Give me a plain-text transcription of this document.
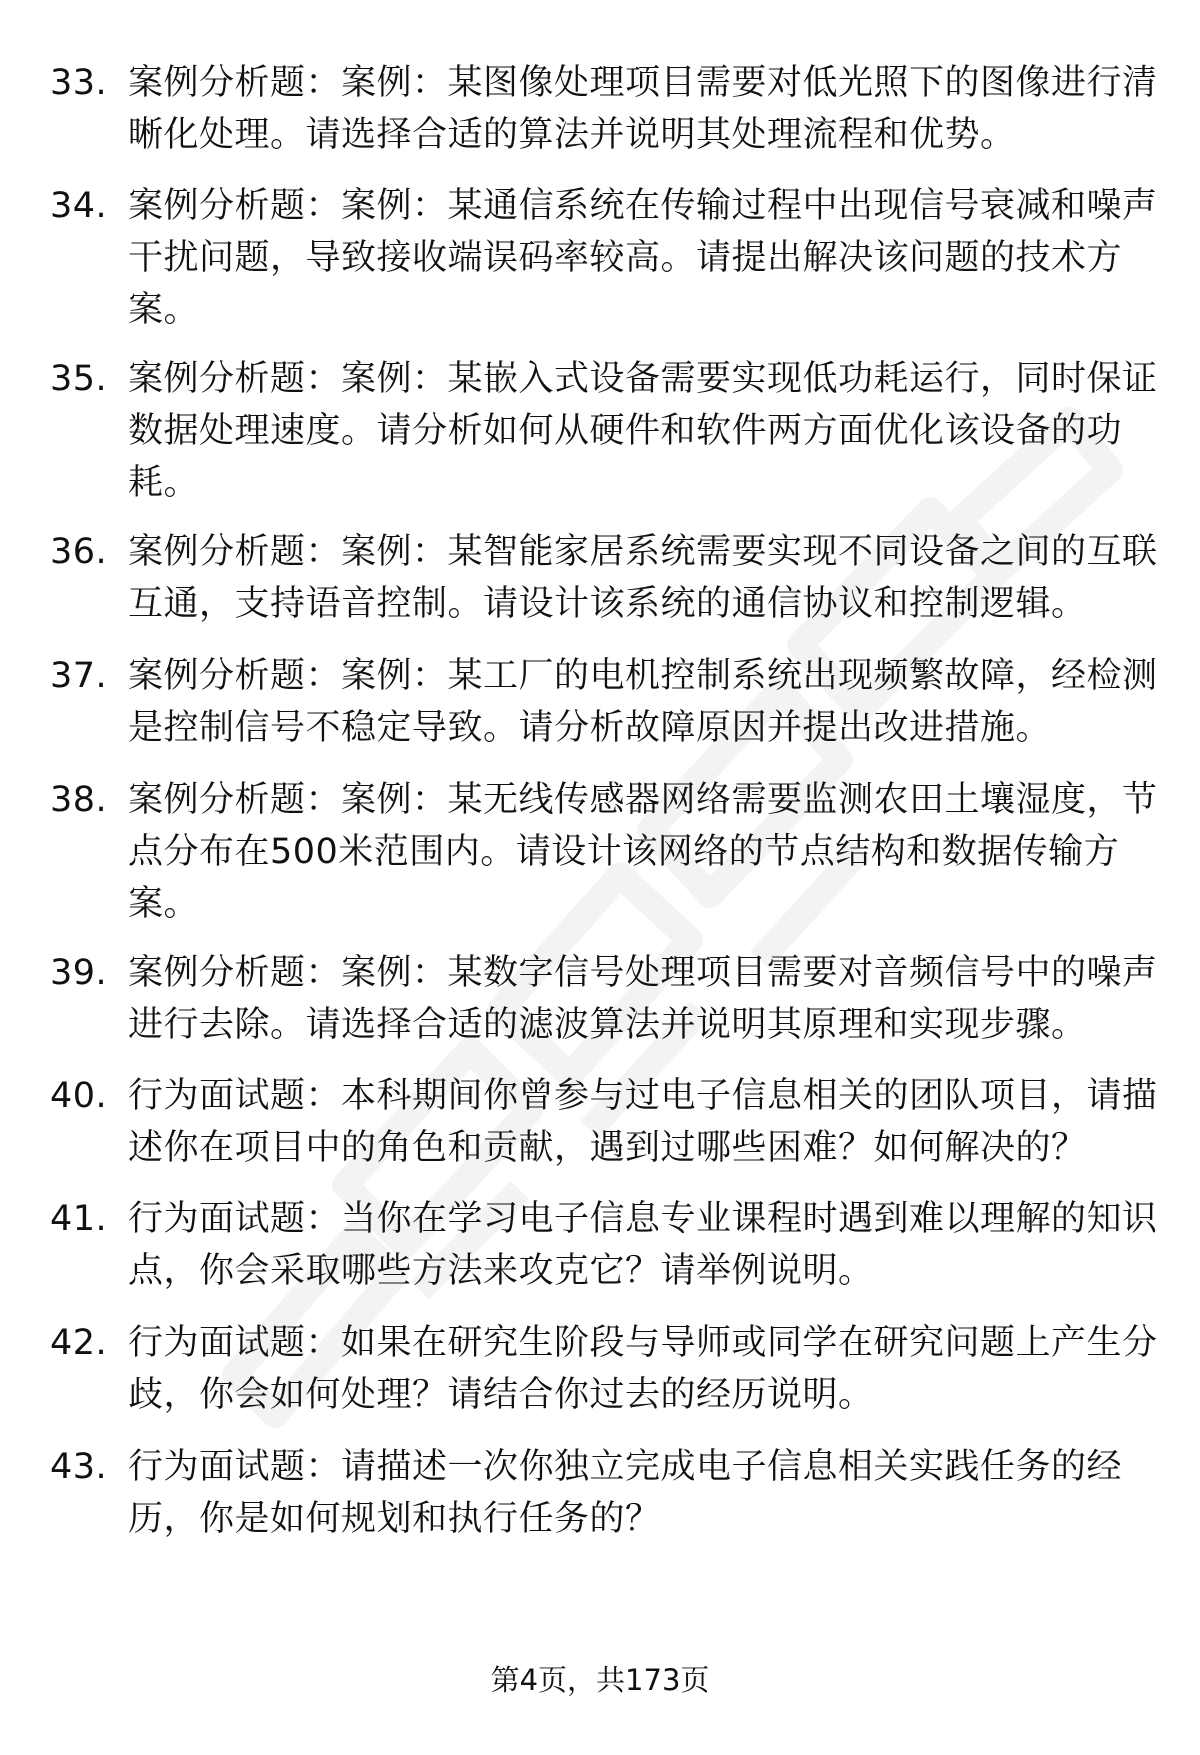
33. 案例分析题：案例：某图像处理项目需要对低光照下的图像进行清晰化处理。请选择合适的算法并说明其处理流程和优势。
34. 案例分析题：案例：某通信系统在传输过程中出现信号衰减和噪声干扰问题，导致接收端误码率较高。请提出解决该问题的技术方案。
35. 案例分析题：案例：某嵌入式设备需要实现低功耗运行，同时保证数据处理速度。请分析如何从硬件和软件两方面优化该设备的功耗。
36. 案例分析题：案例：某智能家居系统需要实现不同设备之间的互联互通，支持语音控制。请设计该系统的通信协议和控制逻辑。
37. 案例分析题：案例：某工厂的电机控制系统出现频繁故障，经检测是控制信号不稳定导致。请分析故障原因并提出改进措施。
38. 案例分析题：案例：某无线传感器网络需要监测农田土壤湿度，节点分布在500米范围内。请设计该网络的节点结构和数据传输方案。
39. 案例分析题：案例：某数字信号处理项目需要对音频信号中的噪声进行去除。请选择合适的滤波算法并说明其原理和实现步骤。
40. 行为面试题：本科期间你曾参与过电子信息相关的团队项目，请描述你在项目中的角色和贡献，遇到过哪些困难？如何解决的？
41. 行为面试题：当你在学习电子信息专业课程时遇到难以理解的知识点，你会采取哪些方法来攻克它？请举例说明。
42. 行为面试题：如果在研究生阶段与导师或同学在研究问题上产生分歧，你会如何处理？请结合你过去的经历说明。
43. 行为面试题：请描述一次你独立完成电子信息相关实践任务的经历，你是如何规划和执行任务的？
第4页，共173页
